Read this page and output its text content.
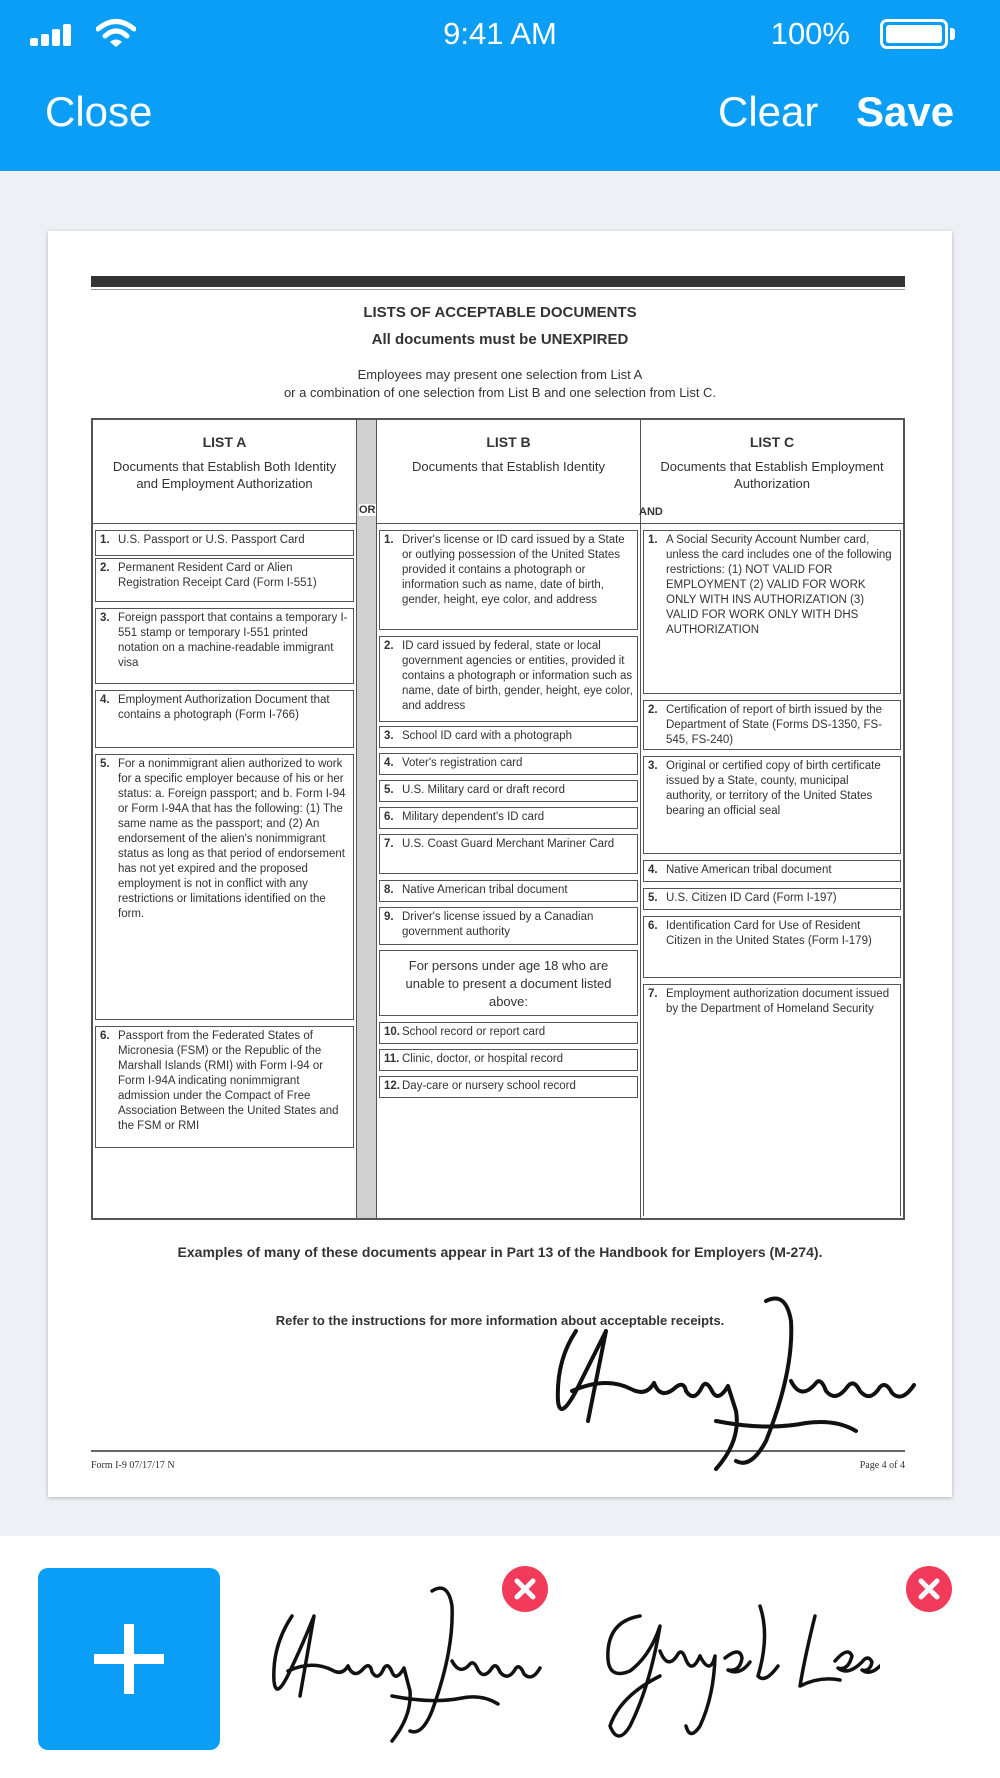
9:41 AM	100%
Close	Clear Save
LISTS OF ACCEPTABLE DOCUMENTS
All documents must be UNEXPIRED
Employees may present one selection from List A
or a combination of one selection from List B and one selection from List C.
LIST A
Documents that Establish Both Identity and Employment Authorization
1. U.S. Passport or U.S. Passport Card
2. Permanent Resident Card or Alien Registration Receipt Card (Form I-551)
3. Foreign passport that contains a temporary I-551 stamp or temporary I-551 printed notation on a machine-readable immigrant visa
4. Employment Authorization Document that contains a photograph (Form I-766)
5. For a nonimmigrant alien authorized to work for a specific employer because of his or her status: a. Foreign passport; and b. Form I-94 or Form I-94A that has the following: (1) The same name as the passport; and (2) An endorsement of the alien's nonimmigrant status as long as that period of endorsement has not yet expired and the proposed employment is not in conflict with any restrictions or limitations identified on the form.
6. Passport from the Federated States of Micronesia (FSM) or the Republic of the Marshall Islands (RMI) with Form I-94 or Form I-94A indicating nonimmigrant admission under the Compact of Free Association Between the United States and the FSM or RMI
OR
LIST B
Documents that Establish Identity
1. Driver's license or ID card issued by a State or outlying possession of the United States provided it contains a photograph or information such as name, date of birth, gender, height, eye color, and address
2. ID card issued by federal, state or local government agencies or entities, provided it contains a photograph or information such as name, date of birth, gender, height, eye color, and address
3. School ID card with a photograph
4. Voter's registration card
5. U.S. Military card or draft record
6. Military dependent's ID card
7. U.S. Coast Guard Merchant Mariner Card
8. Native American tribal document
9. Driver's license issued by a Canadian government authority
For persons under age 18 who are unable to present a document listed above:
10. School record or report card
11. Clinic, doctor, or hospital record
12. Day-care or nursery school record
AND
LIST C
Documents that Establish Employment Authorization
1. A Social Security Account Number card, unless the card includes one of the following restrictions: (1) NOT VALID FOR EMPLOYMENT (2) VALID FOR WORK ONLY WITH INS AUTHORIZATION (3) VALID FOR WORK ONLY WITH DHS AUTHORIZATION
2. Certification of report of birth issued by the Department of State (Forms DS-1350, FS-545, FS-240)
3. Original or certified copy of birth certificate issued by a State, county, municipal authority, or territory of the United States bearing an official seal
4. Native American tribal document
5. U.S. Citizen ID Card (Form I-197)
6. Identification Card for Use of Resident Citizen in the United States (Form I-179)
7. Employment authorization document issued by the Department of Homeland Security
Examples of many of these documents appear in Part 13 of the Handbook for Employers (M-274).
Refer to the instructions for more information about acceptable receipts.
Form I-9 07/17/17 N	Page 4 of 4
